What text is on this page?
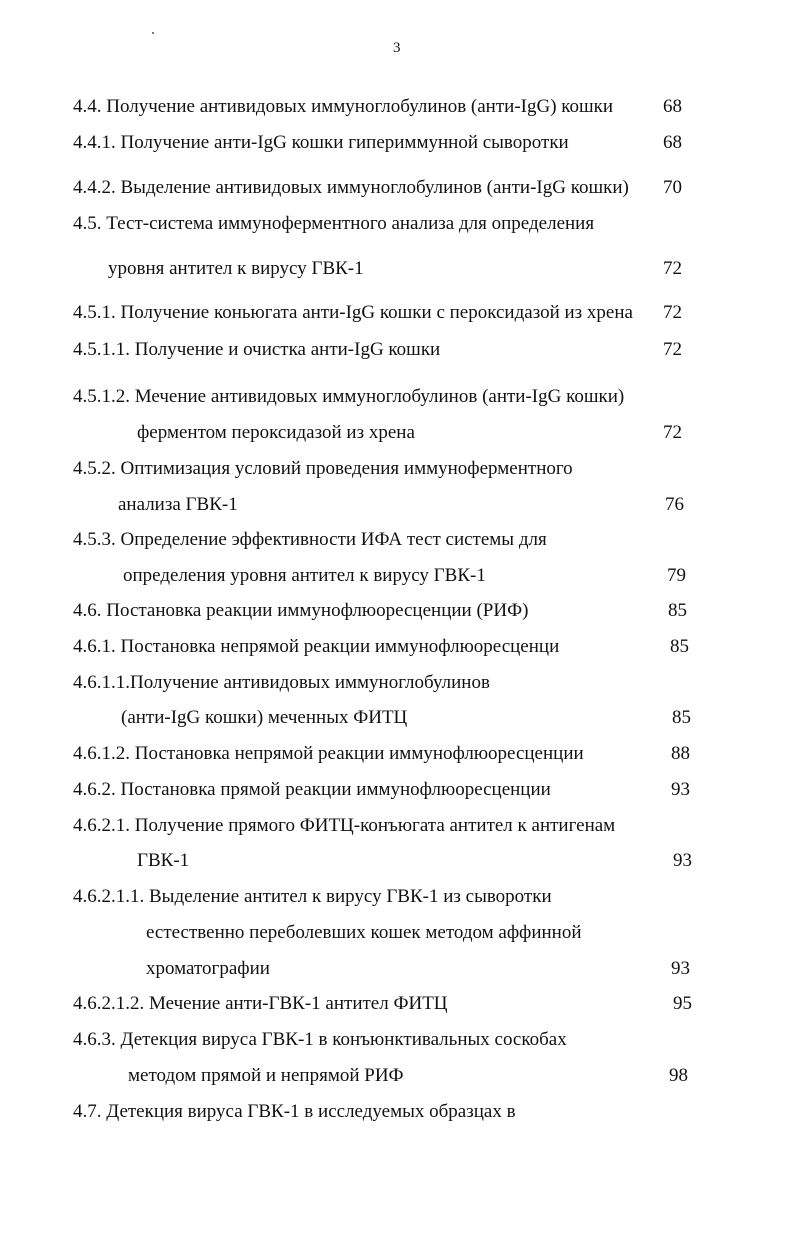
3
4.4. Получение антивидовых иммуноглобулинов (анти-IgG) кошки	68
4.4.1. Получение анти-IgG кошки гипериммунной сыворотки	68
4.4.2. Выделение антивидовых иммуноглобулинов (анти-IgG кошки) 70
4.5. Тест-система иммуноферментного анализа для определения
уровня антител к вирусу ГВК-1	72
4.5.1. Получение коньюгата анти-IgG кошки с пероксидазой из хрена 72
4.5.1.1. Получение и очистка анти-IgG кошки	72
4.5.1.2. Мечение антивидовых иммуноглобулинов (анти-IgG кошки)
ферментом пероксидазой из хрена	72
4.5.2. Оптимизация условий проведения иммуноферментного
анализа ГВК-1	76
4.5.3. Определение эффективности ИФА тест системы для
определения уровня антител к вирусу ГВК-1	79
4.6. Постановка реакции иммунофлюоресценции (РИФ)	85
4.6.1. Постановка непрямой реакции иммунофлюоресценци	85
4.6.1.1.Получение антивидовых иммуноглобулинов
(анти-IgG кошки) меченных ФИТЦ	85
4.6.1.2. Постановка непрямой реакции иммунофлюоресценции	88
4.6.2. Постановка прямой реакции иммунофлюоресценции	93
4.6.2.1. Получение прямого ФИТЦ-конъюгата антител к антигенам
ГВК-1	93
4.6.2.1.1. Выделение антител к вирусу ГВК-1 из сыворотки
естественно переболевших кошек методом аффинной
хроматографии	93
4.6.2.1.2. Мечение анти-ГВК-1 антител ФИТЦ	95
4.6.3. Детекция вируса ГВК-1 в конъюнктивальных соскобах
методом прямой и непрямой РИФ	98
4.7. Детекция вируса ГВК-1 в исследуемых образцах в
